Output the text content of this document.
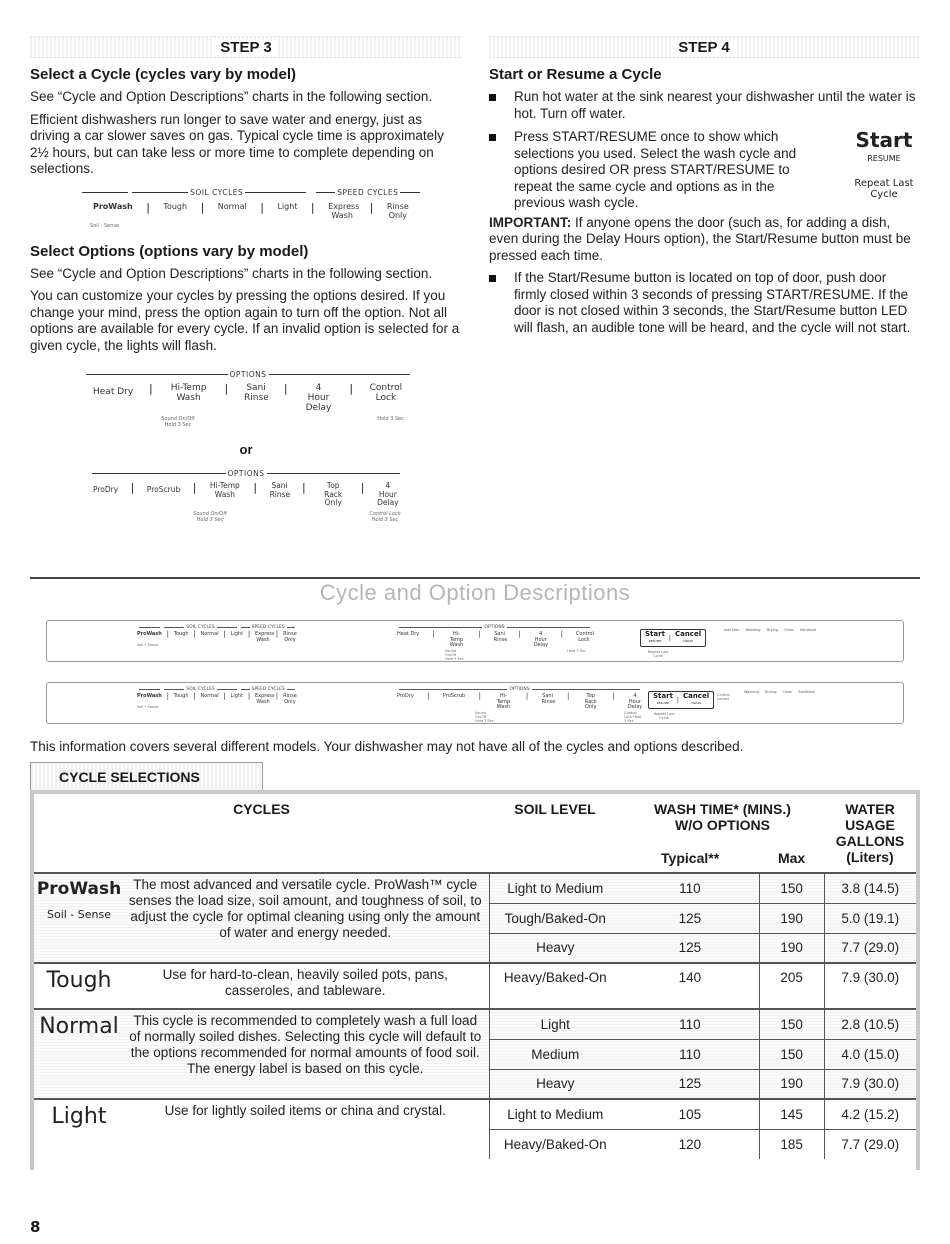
STEP 3
Select a Cycle (cycles vary by model)

See “Cycle and Option Descriptions” charts in the following section.

Efficient dishwashers run longer to save water and energy, just as driving a car slower saves on gas. Typical cycle time is approximately 2½ hours, but can take less or more time to complete depending on selections.

SOIL CYCLES	SPEED CYCLES
ProWash |	Tough |	Normal |	Light |	Express Wash
|	Rinse Only
Soil - Sense
Select Options (options vary by model)

See “Cycle and Option Descriptions” charts in the following section.

You can customize your cycles by pressing the options desired. If you change your mind, press the option again to turn off the option. Not all options are available for every cycle. If an invalid option is selected for a given cycle, the lights will flash.

OPTIONS
Heat Dry |	Hi-Temp Wash
|	Sani Rinse
|	4 Hour Delay
|	Control Lock
Sound On/Off Hold 3 Sec
Hold 3 Sec
or
OPTIONS
ProDry |	ProScrub |	Hi-Temp Wash	|	Sani Rinse |	Top Rack Only
|	4 Hour Delay
Sound On/Off Hold 3 Sec
Control Lock Hold 3 Sec
STEP 4
Start or Resume a Cycle
Run hot water at the sink nearest your dishwasher until the water is hot. Turn off water.
Press START/RESUME once to show which selections you used. Select the wash cycle and options desired OR press START/RESUME to repeat the same cycle and options as in the previous wash cycle.
Start
RESUME
Repeat Last Cycle

IMPORTANT: If anyone opens the door (such as, for adding a dish, even during the Delay Hours option), the Start/Resume button must be pressed each time.

If the Start/Resume button is located on top of door, push door firmly closed within 3 seconds of pressing START/RESUME. If the door is not closed within 3 seconds, the Start/Resume button LED will flash, an audible tone will be heard, and the cycle will not start.
Cycle and Option Descriptions
SOIL CYCLES	SPEED CYCLES
ProWash | Tough | Normal | Light | Express Wash
| Rinse Only
Soil • Sense
OPTIONS
Heat Dry |	Hi-Temp Wash
|	Sani Rinse
|	4 Hour Delay
|	Control Lock
Sound On/Off Hold 3 Sec
Hold 3 Sec
Start
RESUME	| Cancel
DRAIN
Repeat Last Cycle
Add Dish Washing Drying Clean Sanitized
SOIL CYCLES	SPEED CYCLES
ProWash | Tough | Normal | Light | Express Wash
| Rinse Only
Soil • Sense
OPTIONS
ProDry |	ProScrub |	Hi-Temp Wash
|	Sani Rinse
|	Top Rack Only
|	4 Hour Delay
Sound On/Off Hold 3 Sec
Control Lock Hold 3 Sec
Start
RESUME	| Cancel
DRAIN
Repeat Last Cycle
Control Locked
Washing Drying Clean Sanitized
This information covers several different models. Your dishwasher may not have all of the cycles and options described.
CYCLE SELECTIONS
CYCLES		SOIL LEVEL	WASH TIME* (MINS.) W/O OPTIONS		WATER USAGE GALLONS (Liters)
			Typical**	Max	

ProWash
Soil - Sense	The most advanced and versatile cycle. ProWash™ cycle senses the load size, soil amount, and toughness of soil, to adjust the cycle for optimal cleaning using only the amount of water and energy needed.	Light to Medium	110	150	3.8 (14.5)
		Tough/Baked-On	125	190	5.0 (19.1)
		Heavy	125	190	7.7 (29.0)

Tough	Use for hard-to-clean, heavily soiled pots, pans, casseroles, and tableware.	Heavy/Baked-On	140	205	7.9 (30.0)

Normal	This cycle is recommended to completely wash a full load of normally soiled dishes. Selecting this cycle will default to the options recommended for normal amounts of food soil. The energy label is based on this cycle.	Light	110	150	2.8 (10.5)
		Medium	110	150	4.0 (15.0)
		Heavy	125	190	7.9 (30.0)

Light	Use for lightly soiled items or china and crystal.	Light to Medium	105	145	4.2 (15.2)
		Heavy/Baked-On	120	185	7.7 (29.0)
8
